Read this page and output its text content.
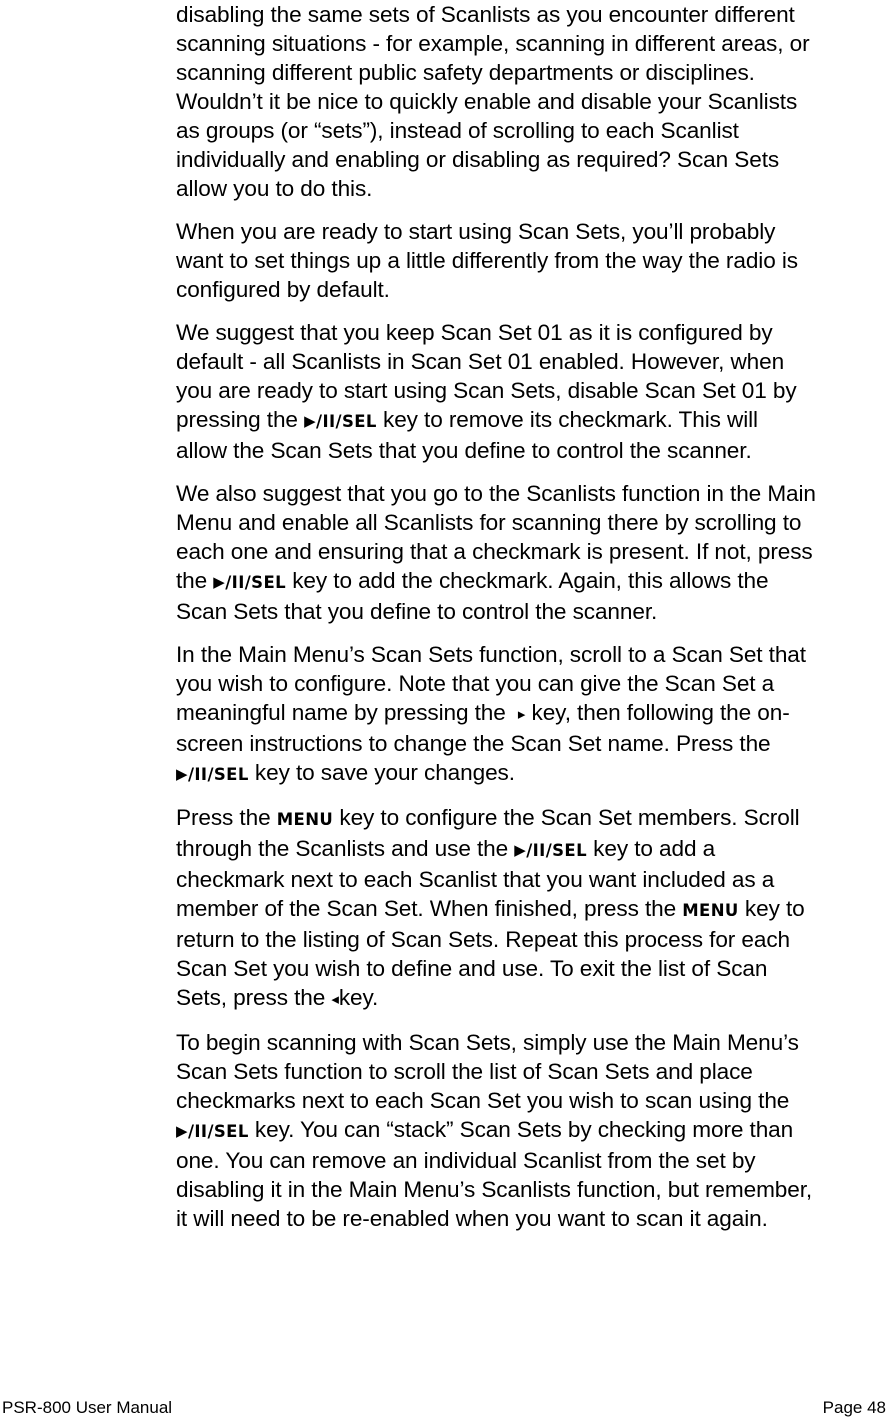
disabling the same sets of Scanlists as you encounter different
scanning situations - for example, scanning in different areas, or
scanning different public safety departments or disciplines.
Wouldn’t it be nice to quickly enable and disable your Scanlists
as groups (or “sets”), instead of scrolling to each Scanlist
individually and enabling or disabling as required? Scan Sets
allow you to do this.

When you are ready to start using Scan Sets, you’ll probably
want to set things up a little differently from the way the radio is
configured by default.

We suggest that you keep Scan Set 01 as it is configured by
default - all Scanlists in Scan Set 01 enabled. However, when
you are ready to start using Scan Sets, disable Scan Set 01 by
pressing the ▶/II/SEL key to remove its checkmark. This will
allow the Scan Sets that you define to control the scanner.

We also suggest that you go to the Scanlists function in the Main
Menu and enable all Scanlists for scanning there by scrolling to
each one and ensuring that a checkmark is present. If not, press
the ▶/II/SEL key to add the checkmark. Again, this allows the
Scan Sets that you define to control the scanner.

In the Main Menu’s Scan Sets function, scroll to a Scan Set that
you wish to configure. Note that you can give the Scan Set a
meaningful name by pressing the ▸ key, then following the on-
screen instructions to change the Scan Set name. Press the
▶/II/SEL key to save your changes.

Press the MENU key to configure the Scan Set members. Scroll
through the Scanlists and use the ▶/II/SEL key to add a
checkmark next to each Scanlist that you want included as a
member of the Scan Set. When finished, press the MENU key to
return to the listing of Scan Sets. Repeat this process for each
Scan Set you wish to define and use. To exit the list of Scan
Sets, press the ◂key.

To begin scanning with Scan Sets, simply use the Main Menu’s
Scan Sets function to scroll the list of Scan Sets and place
checkmarks next to each Scan Set you wish to scan using the
▶/II/SEL key. You can “stack” Scan Sets by checking more than
one. You can remove an individual Scanlist from the set by
disabling it in the Main Menu’s Scanlists function, but remember,
it will need to be re-enabled when you want to scan it again.

PSR-800 User Manual	Page 48
